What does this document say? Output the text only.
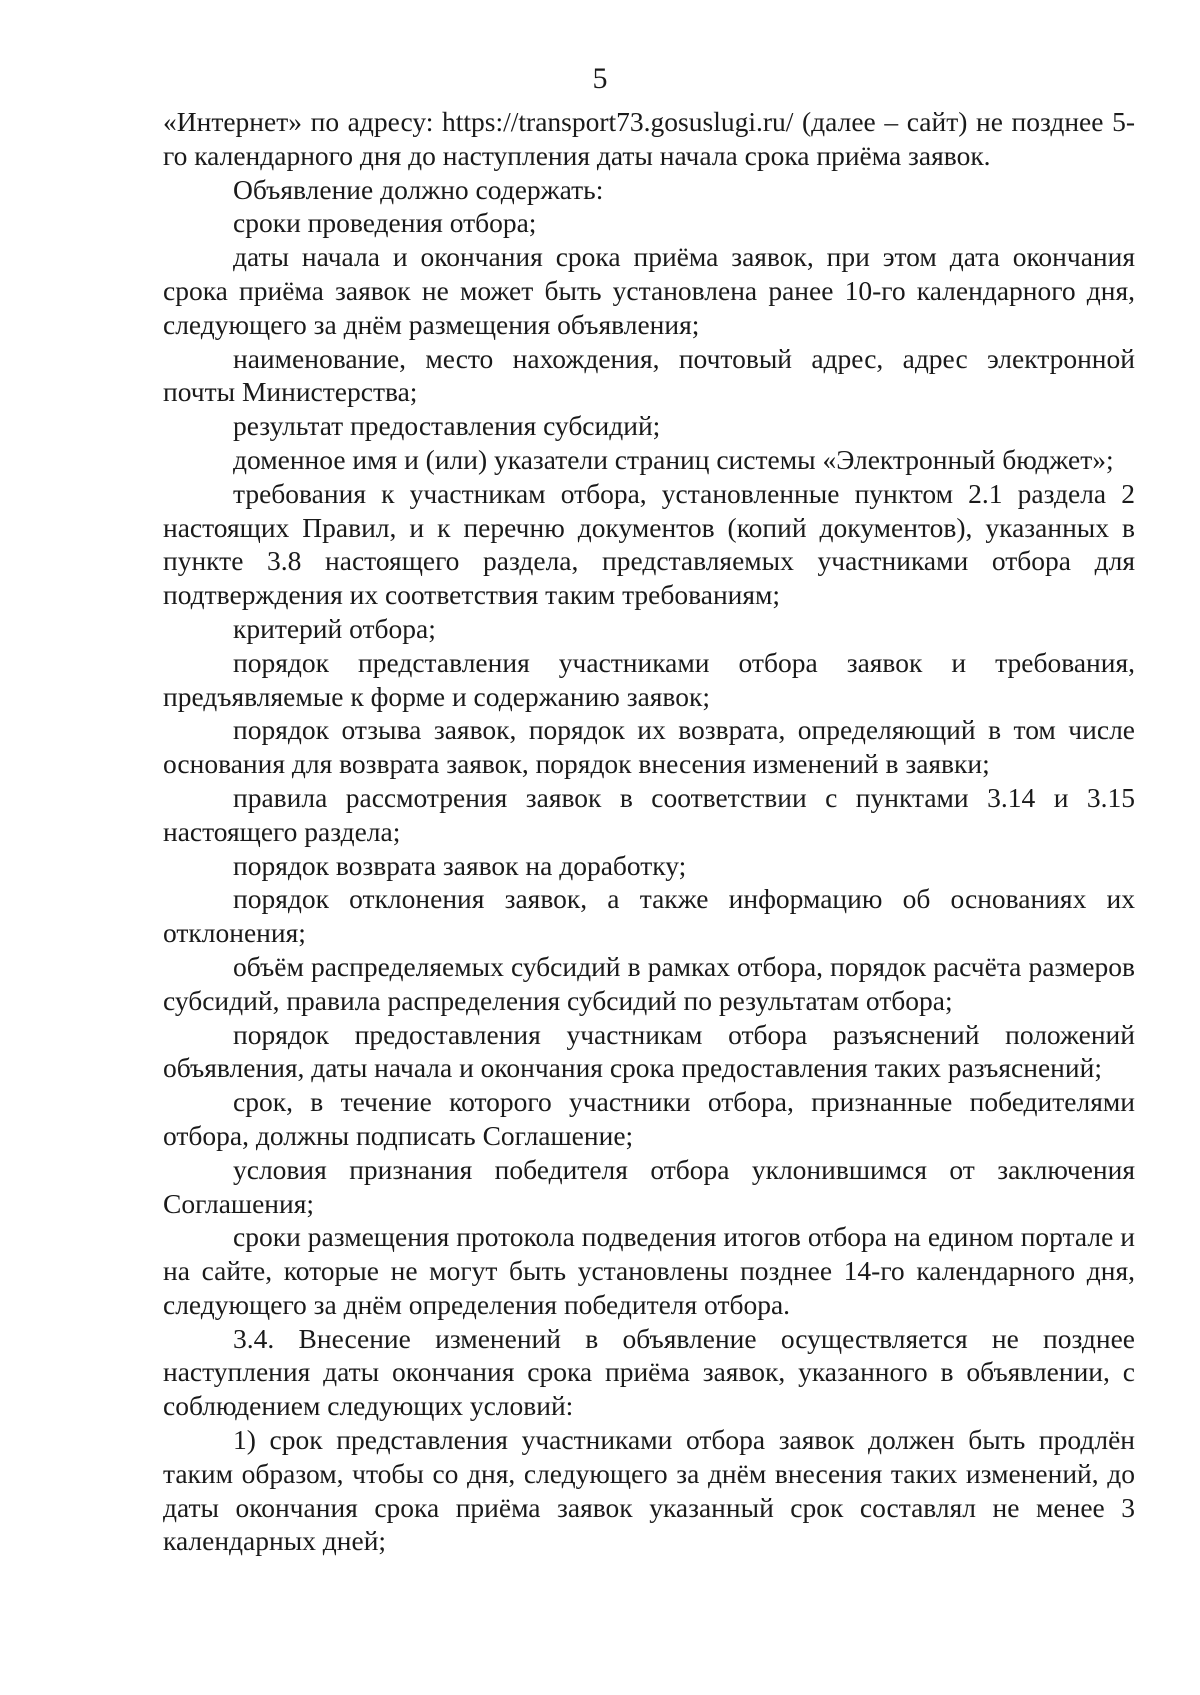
5

«Интернет» по адресу: https://transport73.gosuslugi.ru/ (далее – сайт) не позднее 5-го календарного дня до наступления даты начала срока приёма заявок.

Объявление должно содержать:

сроки проведения отбора;

даты начала и окончания срока приёма заявок, при этом дата окончания срока приёма заявок не может быть установлена ранее 10-го календарного дня, следующего за днём размещения объявления;

наименование, место нахождения, почтовый адрес, адрес электронной почты Министерства;

результат предоставления субсидий;

доменное имя и (или) указатели страниц системы «Электронный бюджет»;

требования к участникам отбора, установленные пунктом 2.1 раздела 2 настоящих Правил, и к перечню документов (копий документов), указанных в пункте 3.8 настоящего раздела, представляемых участниками отбора для подтверждения их соответствия таким требованиям;

критерий отбора;

порядок представления участниками отбора заявок и требования, предъявляемые к форме и содержанию заявок;

порядок отзыва заявок, порядок их возврата, определяющий в том числе основания для возврата заявок, порядок внесения изменений в заявки;

правила рассмотрения заявок в соответствии с пунктами 3.14 и 3.15 настоящего раздела;

порядок возврата заявок на доработку;

порядок отклонения заявок, а также информацию об основаниях их отклонения;

объём распределяемых субсидий в рамках отбора, порядок расчёта размеров субсидий, правила распределения субсидий по результатам отбора;

порядок предоставления участникам отбора разъяснений положений объявления, даты начала и окончания срока предоставления таких разъяснений;

срок, в течение которого участники отбора, признанные победителями отбора, должны подписать Соглашение;

условия признания победителя отбора уклонившимся от заключения Соглашения;

сроки размещения протокола подведения итогов отбора на едином портале и на сайте, которые не могут быть установлены позднее 14-го календарного дня, следующего за днём определения победителя отбора.

3.4. Внесение изменений в объявление осуществляется не позднее наступления даты окончания срока приёма заявок, указанного в объявлении, с соблюдением следующих условий:

1) срок представления участниками отбора заявок должен быть продлён таким образом, чтобы со дня, следующего за днём внесения таких изменений, до даты окончания срока приёма заявок указанный срок составлял не менее 3 календарных дней;
